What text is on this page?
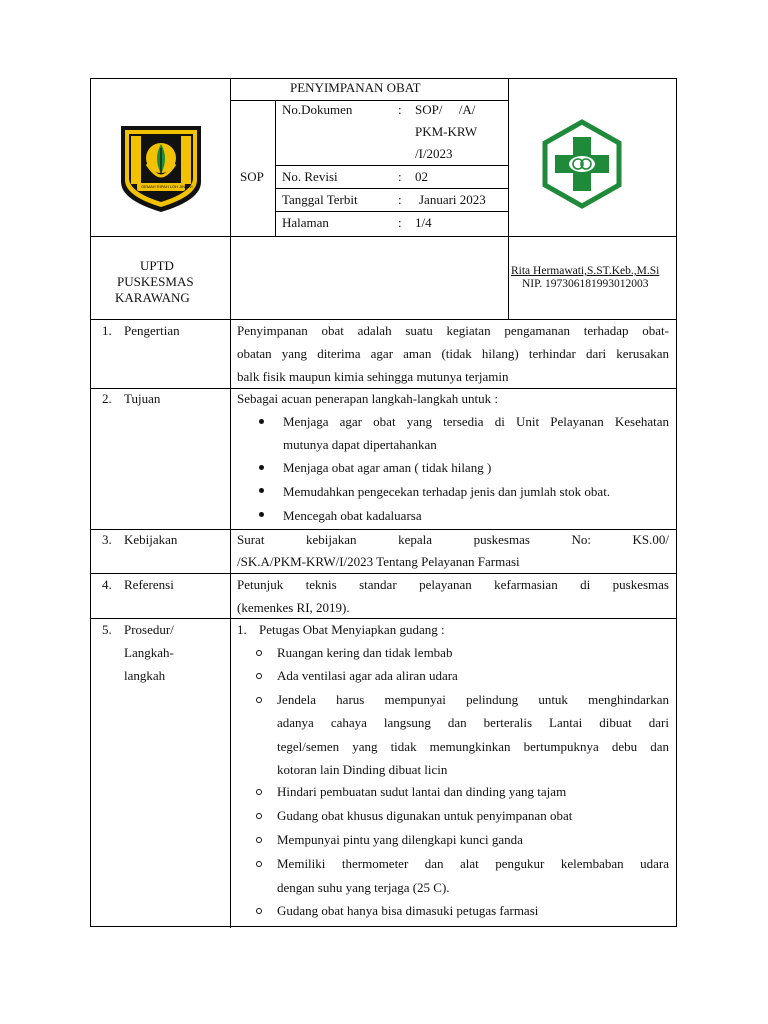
GEMAH RIPAH LOH JINAWI
PENYIMPANAN OBAT
SOP
No.Dokumen	: SOP/     /A/
PKM-KRW
/I/2023
No. Revisi	: 02
Tanggal Terbit	: Januari 2023
Halaman	: 1/4
UPTD
PUSKESMAS
KARAWANG
Rita Hermawati,S.ST.Keb.,M.Si
NIP. 197306181993012003
1. Pengertian	Penyimpanan obat adalah suatu kegiatan pengamanan terhadap obat-
obatan yang diterima agar aman (tidak hilang) terhindar dari kerusakan
balk fisik maupun kimia sehingga mutunya terjamin
2. Tujuan	Sebagai acuan penerapan langkah-langkah untuk :
Menjaga agar obat yang tersedia di Unit Pelayanan Kesehatan
mutunya dapat dipertahankan
Menjaga obat agar aman ( tidak hilang )
Memudahkan pengecekan terhadap jenis dan jumlah stok obat.
Mencegah obat kadaluarsa
3. Kebijakan	Surat	kebijakan	kepala	puskesmas	No:	KS.00/
/SK.A/PKM-KRW/I/2023 Tentang Pelayanan Farmasi
4. Referensi	Petunjuk teknis standar pelayanan kefarmasian di puskesmas
(kemenkes RI, 2019).
5. Prosedur/
Langkah-
langkah
1. Petugas Obat Menyiapkan gudang :
Ruangan kering dan tidak lembab
Ada ventilasi agar ada aliran udara
Jendela harus mempunyai pelindung untuk menghindarkan
adanya cahaya langsung dan berteralis Lantai dibuat dari
tegel/semen yang tidak memungkinkan bertumpuknya debu dan
kotoran lain Dinding dibuat licin
Hindari pembuatan sudut lantai dan dinding yang tajam
Gudang obat khusus digunakan untuk penyimpanan obat
Mempunyai pintu yang dilengkapi kunci ganda
Memiliki thermometer dan alat pengukur kelembaban udara
dengan suhu yang terjaga (25 C).
Gudang obat hanya bisa dimasuki petugas farmasi
